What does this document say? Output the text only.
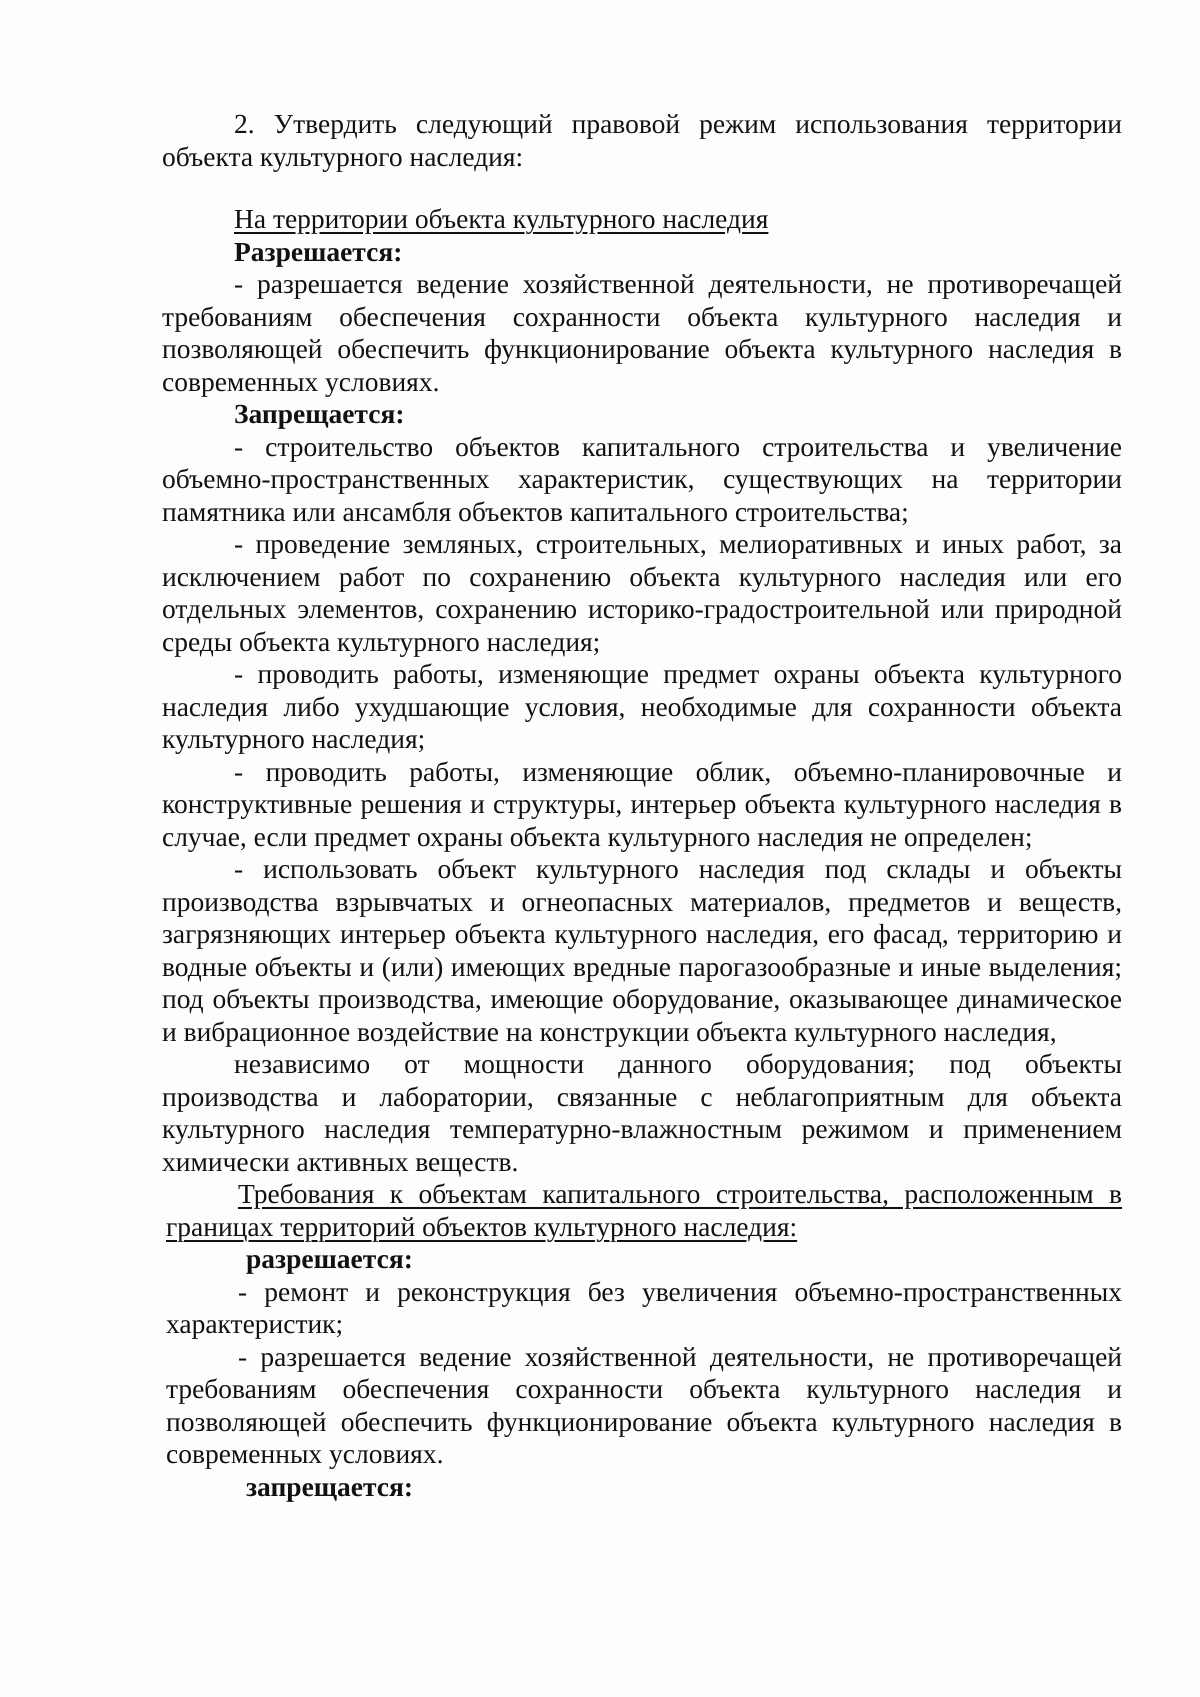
2. Утвердить следующий правовой режим использования территории объекта культурного наследия:

На территории объекта культурного наследия

Разрешается:

- разрешается ведение хозяйственной деятельности, не противоречащей требованиям обеспечения сохранности объекта культурного наследия и позволяющей обеспечить функционирование объекта культурного наследия в современных условиях.

Запрещается:

- строительство объектов капитального строительства и увеличение объемно-пространственных характеристик, существующих на территории памятника или ансамбля объектов капитального строительства;

- проведение земляных, строительных, мелиоративных и иных работ, за исключением работ по сохранению объекта культурного наследия или его отдельных элементов, сохранению историко-градостроительной или природной среды объекта культурного наследия;

- проводить работы, изменяющие предмет охраны объекта культурного наследия либо ухудшающие условия, необходимые для сохранности объекта культурного наследия;

- проводить работы, изменяющие облик, объемно-планировочные и конструктивные решения и структуры, интерьер объекта культурного наследия в случае, если предмет охраны объекта культурного наследия не определен;

- использовать объект культурного наследия под склады и объекты производства взрывчатых и огнеопасных материалов, предметов и веществ, загрязняющих интерьер объекта культурного наследия, его фасад, территорию и водные объекты и (или) имеющих вредные парогазообразные и иные выделения; под объекты производства, имеющие оборудование, оказывающее динамическое и вибрационное воздействие на конструкции объекта культурного наследия,

независимо от мощности данного оборудования; под объекты производства и лаборатории, связанные с неблагоприятным для объекта культурного наследия температурно-влажностным режимом и применением химически активных веществ.

Требования к объектам капитального строительства, расположенным в границах территорий объектов культурного наследия:

разрешается:

- ремонт и реконструкция без увеличения объемно-пространственных характеристик;

- разрешается ведение хозяйственной деятельности, не противоречащей требованиям обеспечения сохранности объекта культурного наследия и позволяющей обеспечить функционирование объекта культурного наследия в современных условиях.

запрещается:
